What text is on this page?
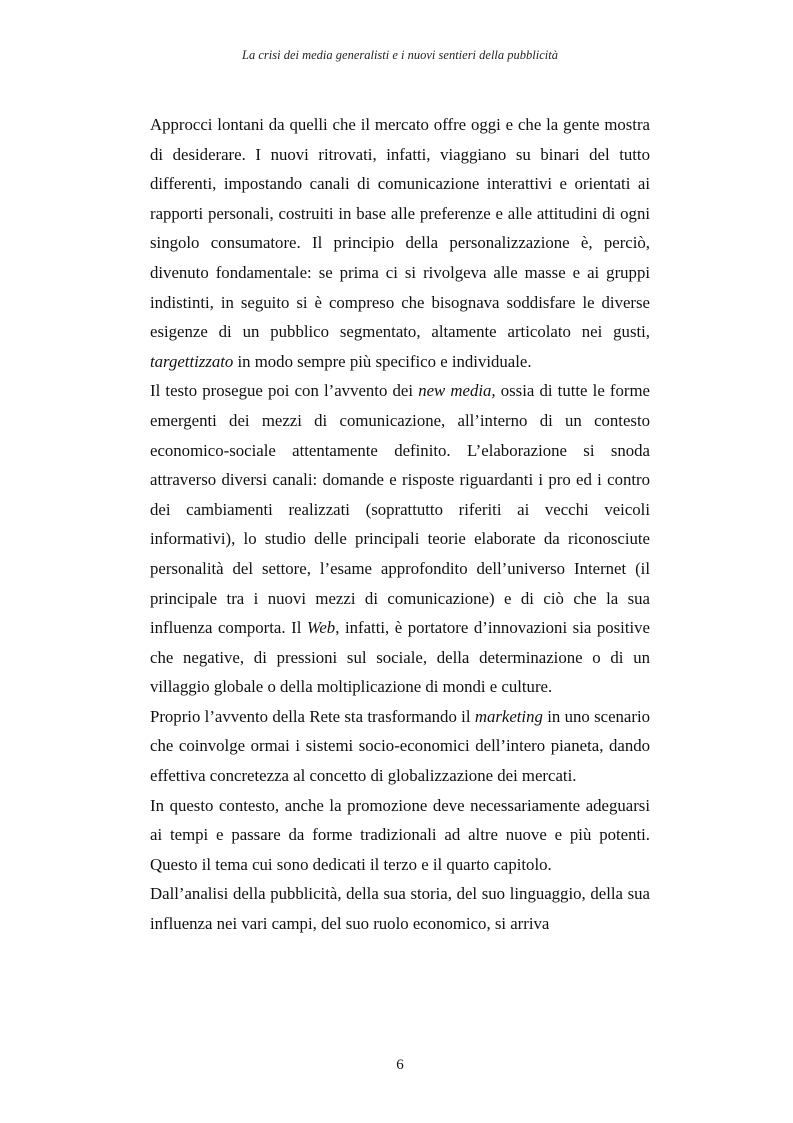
La crisi dei media generalisti e i nuovi sentieri della pubblicità

Approcci lontani da quelli che il mercato offre oggi e che la gente mostra di desiderare. I nuovi ritrovati, infatti, viaggiano su binari del tutto differenti, impostando canali di comunicazione interattivi e orientati ai rapporti personali, costruiti in base alle preferenze e alle attitudini di ogni singolo consumatore. Il principio della personalizzazione è, perciò, divenuto fondamentale: se prima ci si rivolgeva alle masse e ai gruppi indistinti, in seguito si è compreso che bisognava soddisfare le diverse esigenze di un pubblico segmentato, altamente articolato nei gusti, targettizzato in modo sempre più specifico e individuale.

Il testo prosegue poi con l’avvento dei new media, ossia di tutte le forme emergenti dei mezzi di comunicazione, all’interno di un contesto economico-sociale attentamente definito. L’elaborazione si snoda attraverso diversi canali: domande e risposte riguardanti i pro ed i contro dei cambiamenti realizzati (soprattutto riferiti ai vecchi veicoli informativi), lo studio delle principali teorie elaborate da riconosciute personalità del settore, l’esame approfondito dell’universo Internet (il principale tra i nuovi mezzi di comunicazione) e di ciò che la sua influenza comporta. Il Web, infatti, è portatore d’innovazioni sia positive che negative, di pressioni sul sociale, della determinazione o di un villaggio globale o della moltiplicazione di mondi e culture.

Proprio l’avvento della Rete sta trasformando il marketing in uno scenario che coinvolge ormai i sistemi socio-economici dell’intero pianeta, dando effettiva concretezza al concetto di globalizzazione dei mercati.

In questo contesto, anche la promozione deve necessariamente adeguarsi ai tempi e passare da forme tradizionali ad altre nuove e più potenti. Questo il tema cui sono dedicati il terzo e il quarto capitolo.

Dall’analisi della pubblicità, della sua storia, del suo linguaggio, della sua influenza nei vari campi, del suo ruolo economico, si arriva

6
